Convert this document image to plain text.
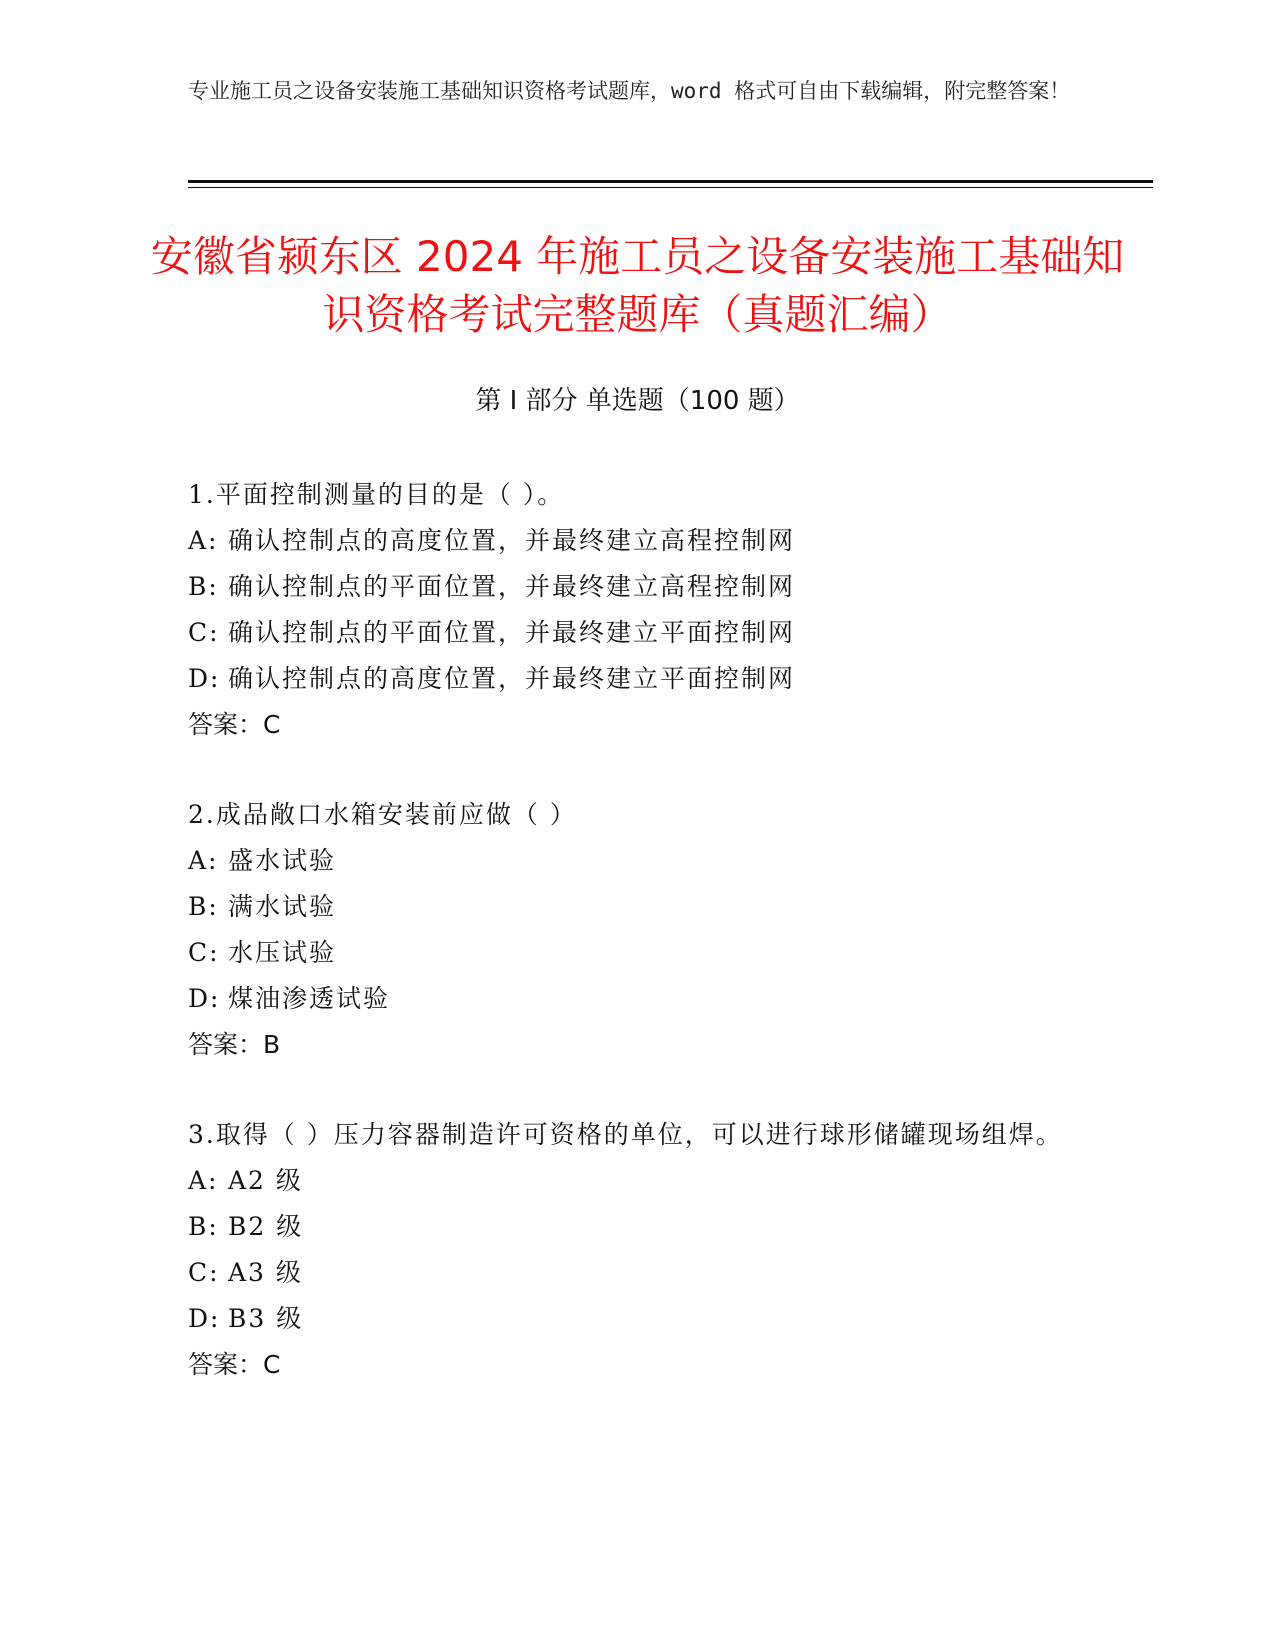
专业施工员之设备安装施工基础知识资格考试题库，word 格式可自由下载编辑，附完整答案！
安徽省颍东区 2024 年施工员之设备安装施工基础知识资格考试完整题库（真题汇编）
第 I 部分 单选题（100 题）
1.平面控制测量的目的是（ ）。
A: 确认控制点的高度位置，并最终建立高程控制网
B: 确认控制点的平面位置，并最终建立高程控制网
C: 确认控制点的平面位置，并最终建立平面控制网
D: 确认控制点的高度位置，并最终建立平面控制网
答案：C
2.成品敞口水箱安装前应做（ ）
A: 盛水试验
B: 满水试验
C: 水压试验
D: 煤油渗透试验
答案：B
3.取得（ ）压力容器制造许可资格的单位，可以进行球形储罐现场组焊。
A: A2 级
B: B2 级
C: A3 级
D: B3 级
答案：C
